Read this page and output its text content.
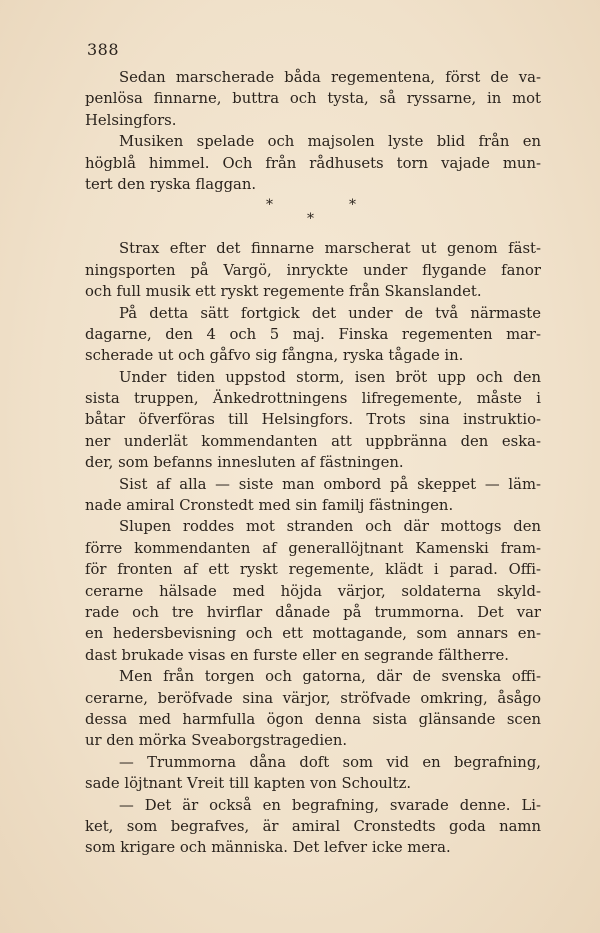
388
Sedan marscherade båda regementena, först de va-
penlösa finnarne, buttra och tysta, så ryssarne, in mot
Helsingfors.
Musiken spelade och majsolen lyste blid från en
högblå himmel. Och från rådhusets torn vajade mun-
tert den ryska flaggan.
*	*
*
Strax efter det finnarne marscherat ut genom fäst-
ningsporten på Vargö, inryckte under flygande fanor
och full musik ett ryskt regemente från Skanslandet.
På detta sätt fortgick det under de två närmaste
dagarne, den 4 och 5 maj. Finska regementen mar-
scherade ut och gåfvo sig fångna, ryska tågade in.
Under tiden uppstod storm, isen bröt upp och den
sista truppen, Änkedrottningens lifregemente, måste i
båtar öfverföras till Helsingfors. Trots sina instruktio-
ner underlät kommendanten att uppbränna den eska-
der, som befanns innesluten af fästningen.
Sist af alla — siste man ombord på skeppet — läm-
nade amiral Cronstedt med sin familj fästningen.
Slupen roddes mot stranden och där mottogs den
förre kommendanten af generallöjtnant Kamenski fram-
för fronten af ett ryskt regemente, klädt i parad. Offi-
cerarne hälsade med höjda värjor, soldaterna skyld-
rade och tre hvirflar dånade på trummorna. Det var
en hedersbevisning och ett mottagande, som annars en-
dast brukade visas en furste eller en segrande fältherre.
Men från torgen och gatorna, där de svenska offi-
cerarne, beröfvade sina värjor, ströfvade omkring, åsågo
dessa med harmfulla ögon denna sista glänsande scen
ur den mörka Sveaborgstragedien.
— Trummorna dåna doft som vid en begrafning,
sade löjtnant Vreit till kapten von Schoultz.
— Det är också en begrafning, svarade denne. Li-
ket, som begrafves, är amiral Cronstedts goda namn
som krigare och människa. Det lefver icke mera.
